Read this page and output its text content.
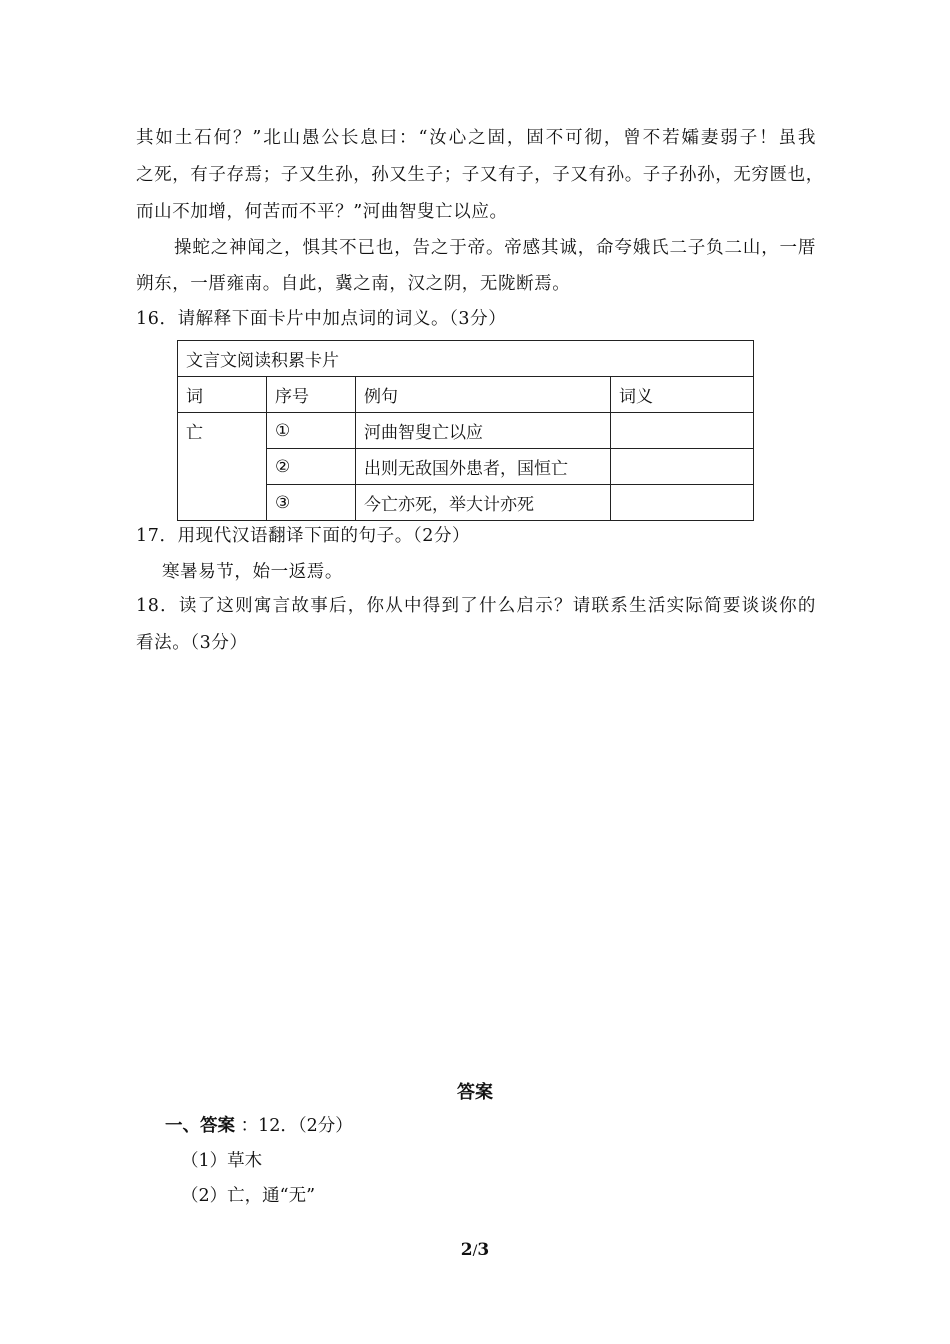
其如土石何？”北山愚公长息曰：“汝心之固，固不可彻，曾不若孀妻弱子！虽我
之死，有子存焉；子又生孙，孙又生子；子又有子，子又有孙。子子孙孙，无穷匮也，
而山不加增，何苦而不平？”河曲智叟亡以应。
操蛇之神闻之，惧其不已也，告之于帝。帝感其诚，命夸娥氏二子负二山，一厝
朔东，一厝雍南。自此，冀之南，汉之阴，无陇断焉。
16．请解释下面卡片中加点词的词义。（3分）
文言文阅读积累卡片			
词	序号	例句	词义
亡	①	河曲智叟亡以应	
	②	出则无敌国外患者，国恒亡	
	③	今亡亦死，举大计亦死	
17．用现代汉语翻译下面的句子。（2分）
寒暑易节，始一返焉。
18．读了这则寓言故事后，你从中得到了什么启示？请联系生活实际简要谈谈你的
看法。（3分）
答案
一、答案 ：12．（2分）
（1）草木
（2）亡，通“无”
2/3
